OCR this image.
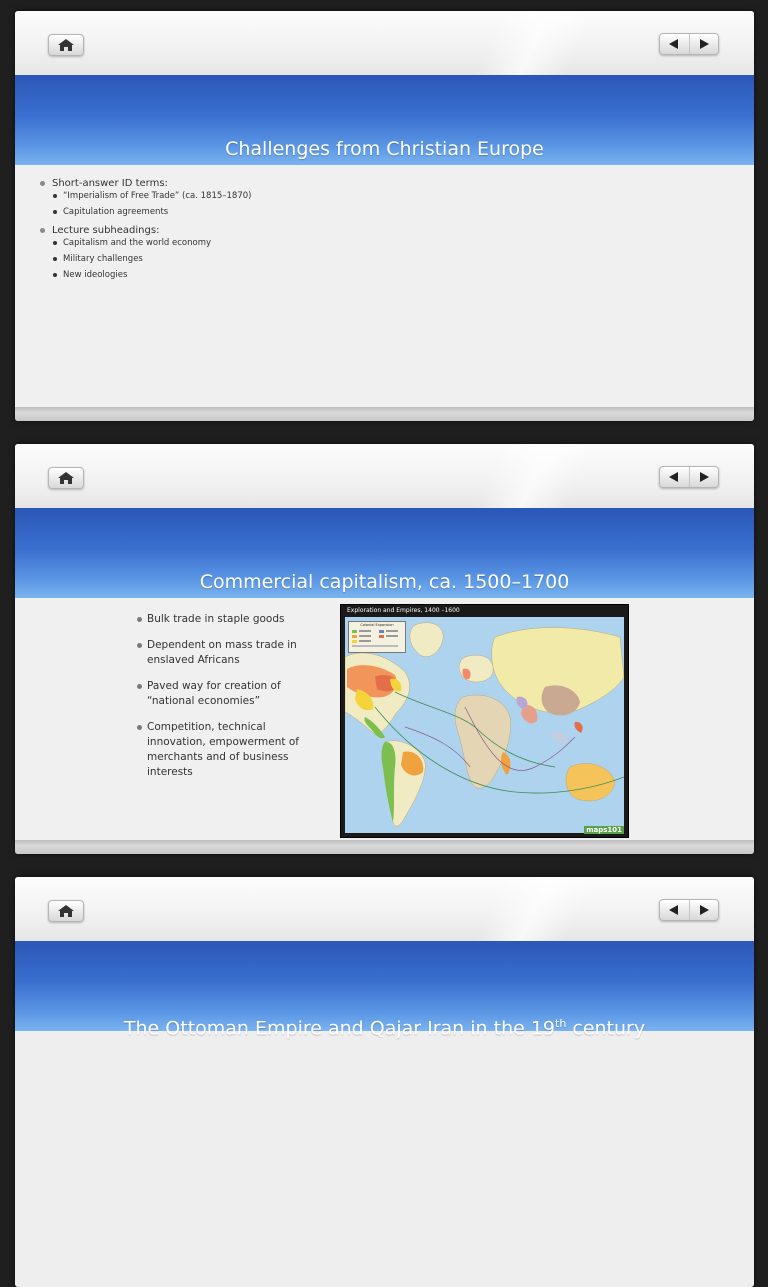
Challenges from Christian Europe
Short-answer ID terms:
“Imperialism of Free Trade” (ca. 1815–1870)
Capitulation agreements
Lecture subheadings:
Capitalism and the world economy
Military challenges
New ideologies
Commercial capitalism, ca. 1500–1700
Bulk trade in staple goods
Dependent on mass trade in enslaved Africans
Paved way for creation of “national economies”
Competition, technical innovation, empowerment of merchants and of business interests
Exploration and Empires, 1400 –1600
Colonial Expansion
maps101
The Ottoman Empire and Qajar Iran in the 19th century
